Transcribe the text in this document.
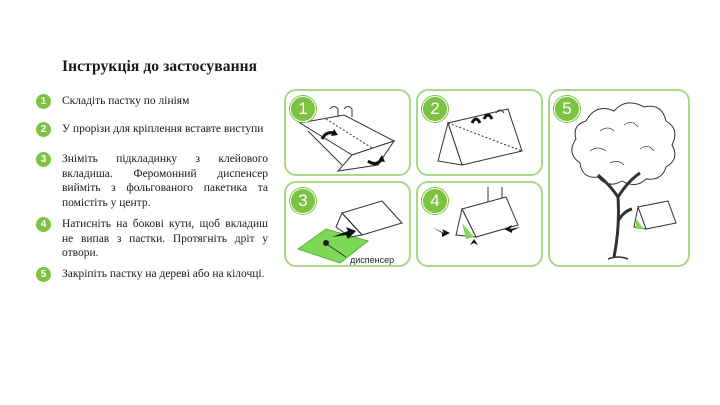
Інструкція до застосування
1	Складіть пастку по лініям
2	У прорізи для кріплення вставте виступи
3	Зніміть підкладинку з клейового вкладиша. Феромонний диспенсер вийміть з фольгованого пакетика та помістіть у центр.
4	Натисніть на бокові кути, щоб вкладиш не випав з пастки. Протягніть дріт у отвори.
5	Закріпіть пастку на дереві або на кілочці.
1	2
диспенсер
3	4
5
